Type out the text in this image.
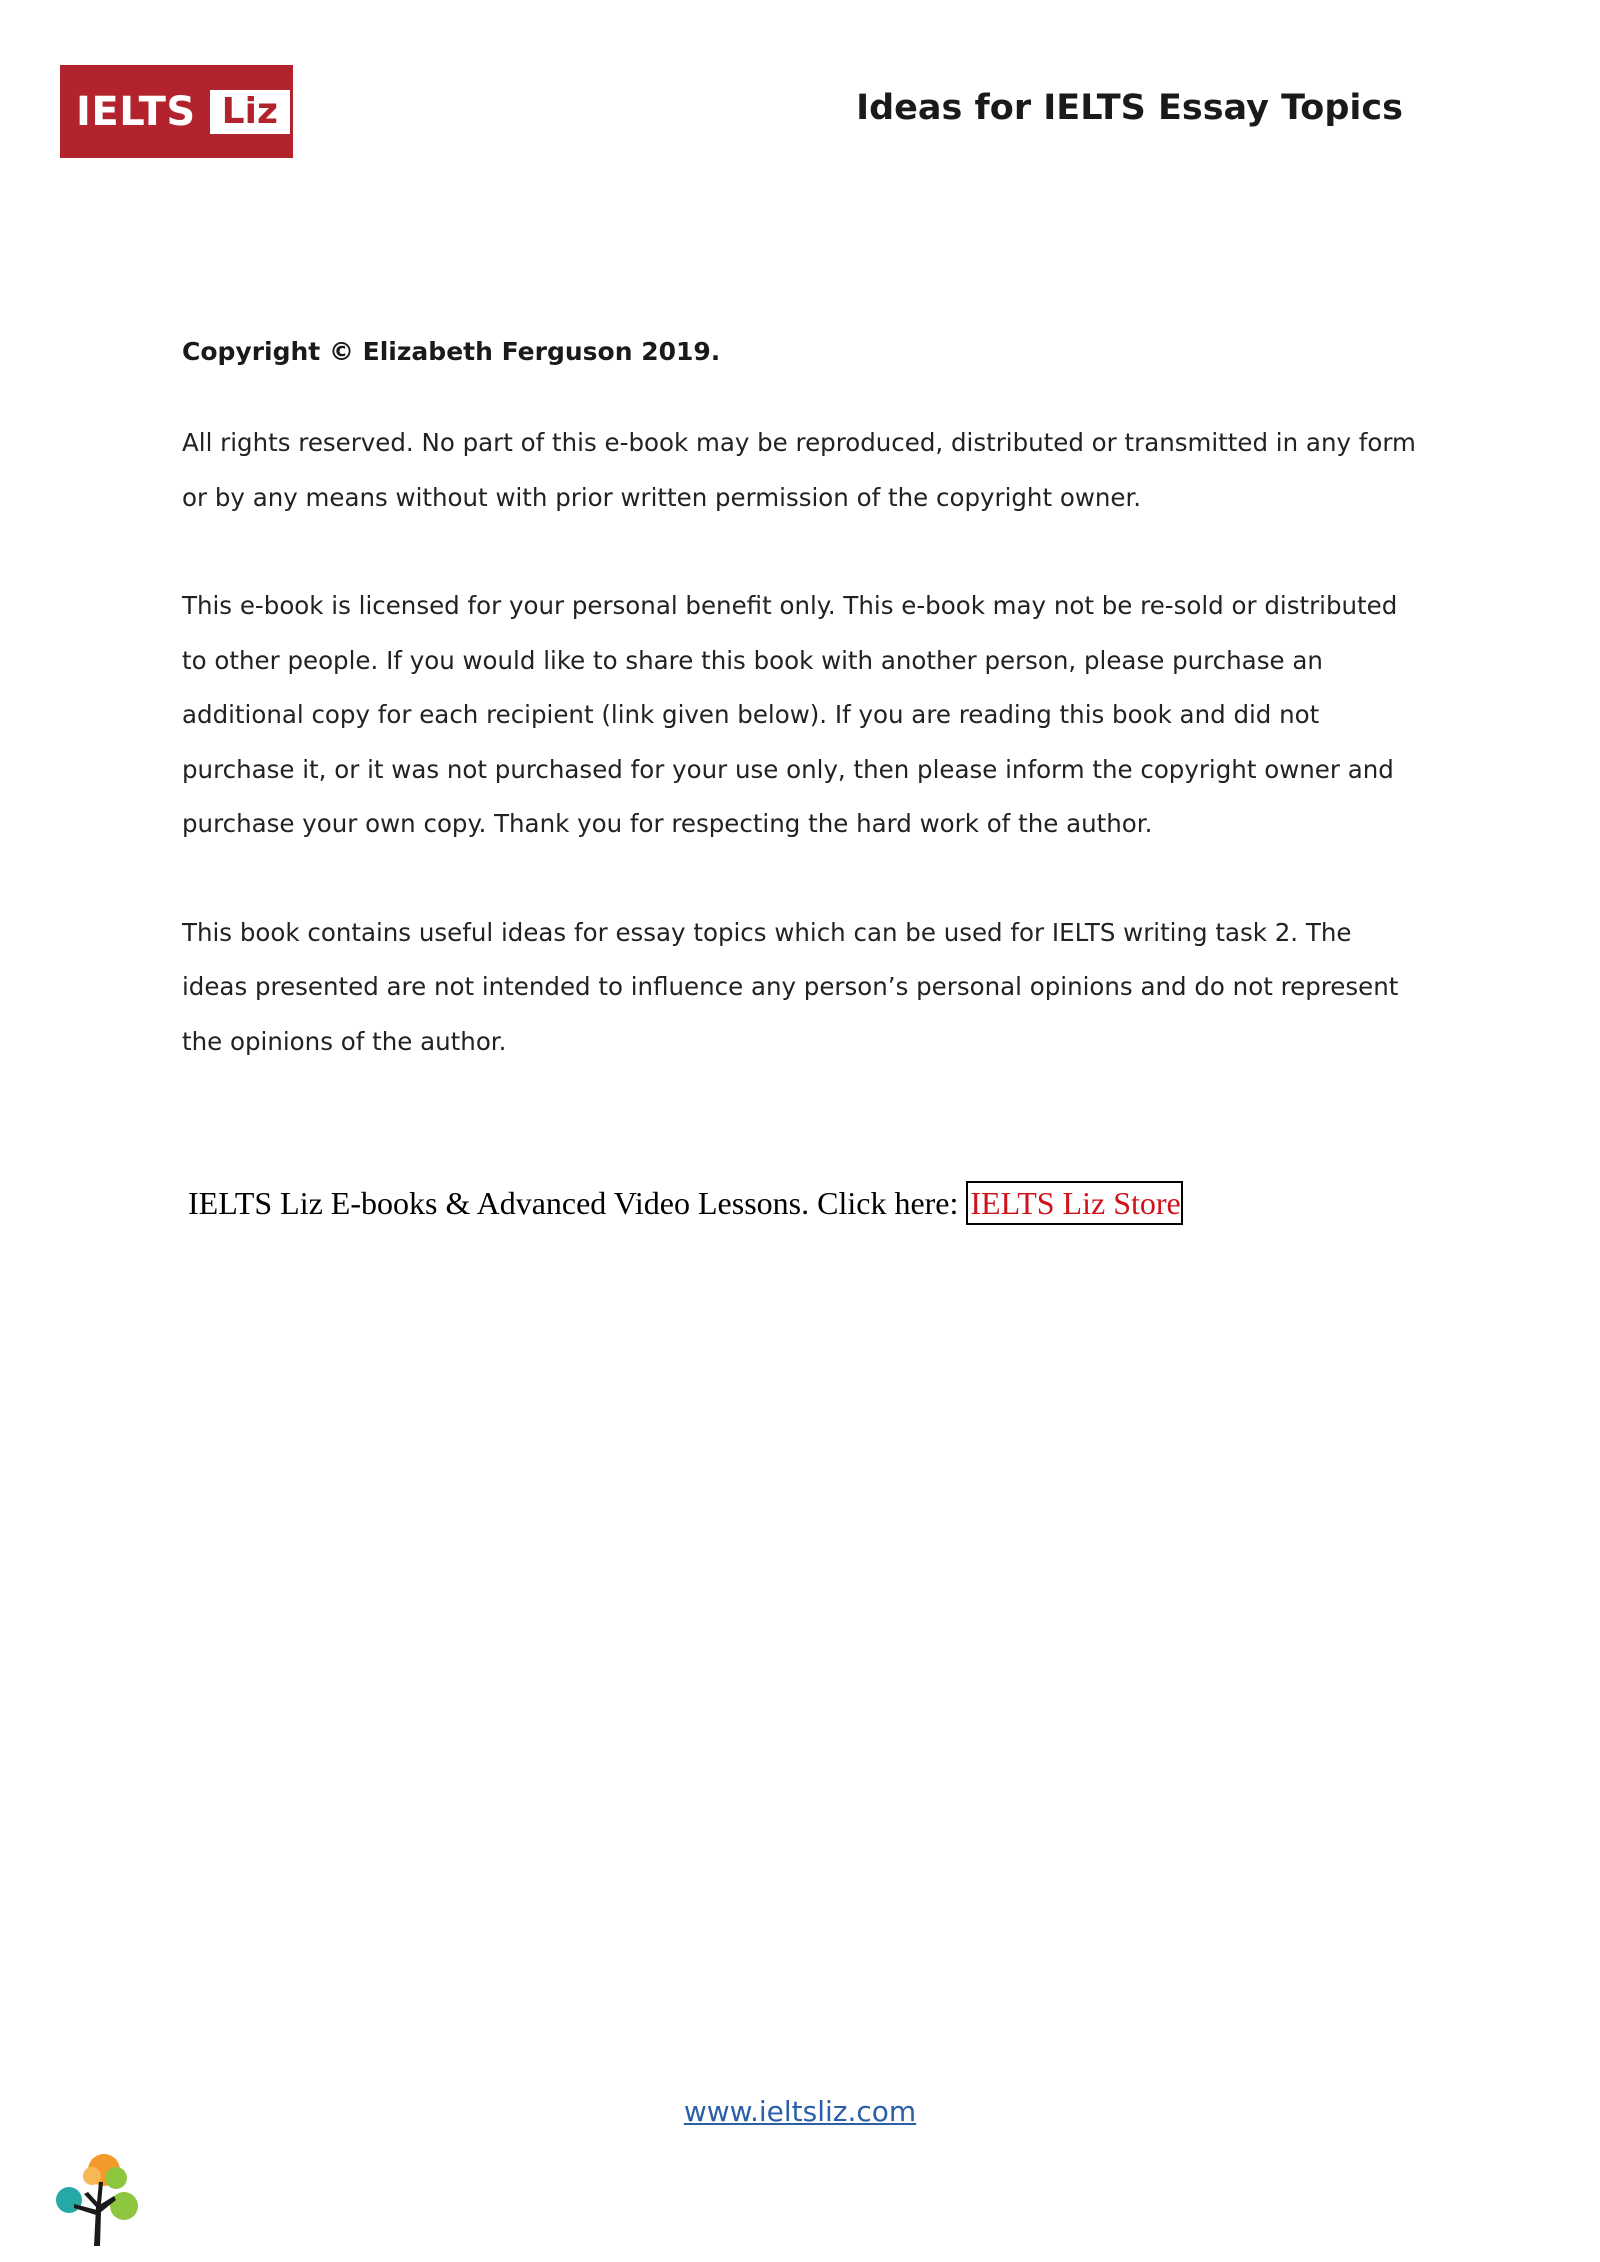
IELTS Liz	Ideas for IELTS Essay Topics

Copyright © Elizabeth Ferguson 2019.

All rights reserved. No part of this e-book may be reproduced, distributed or transmitted in any form or by any means without with prior written permission of the copyright owner.

This e-book is licensed for your personal benefit only. This e-book may not be re-sold or distributed to other people. If you would like to share this book with another person, please purchase an additional copy for each recipient (link given below). If you are reading this book and did not purchase it, or it was not purchased for your use only, then please inform the copyright owner and purchase your own copy. Thank you for respecting the hard work of the author.

This book contains useful ideas for essay topics which can be used for IELTS writing task 2. The ideas presented are not intended to influence any person’s personal opinions and do not represent the opinions of the author.

IELTS Liz E-books & Advanced Video Lessons. Click here: IELTS Liz Store
www.ieltsliz.com
